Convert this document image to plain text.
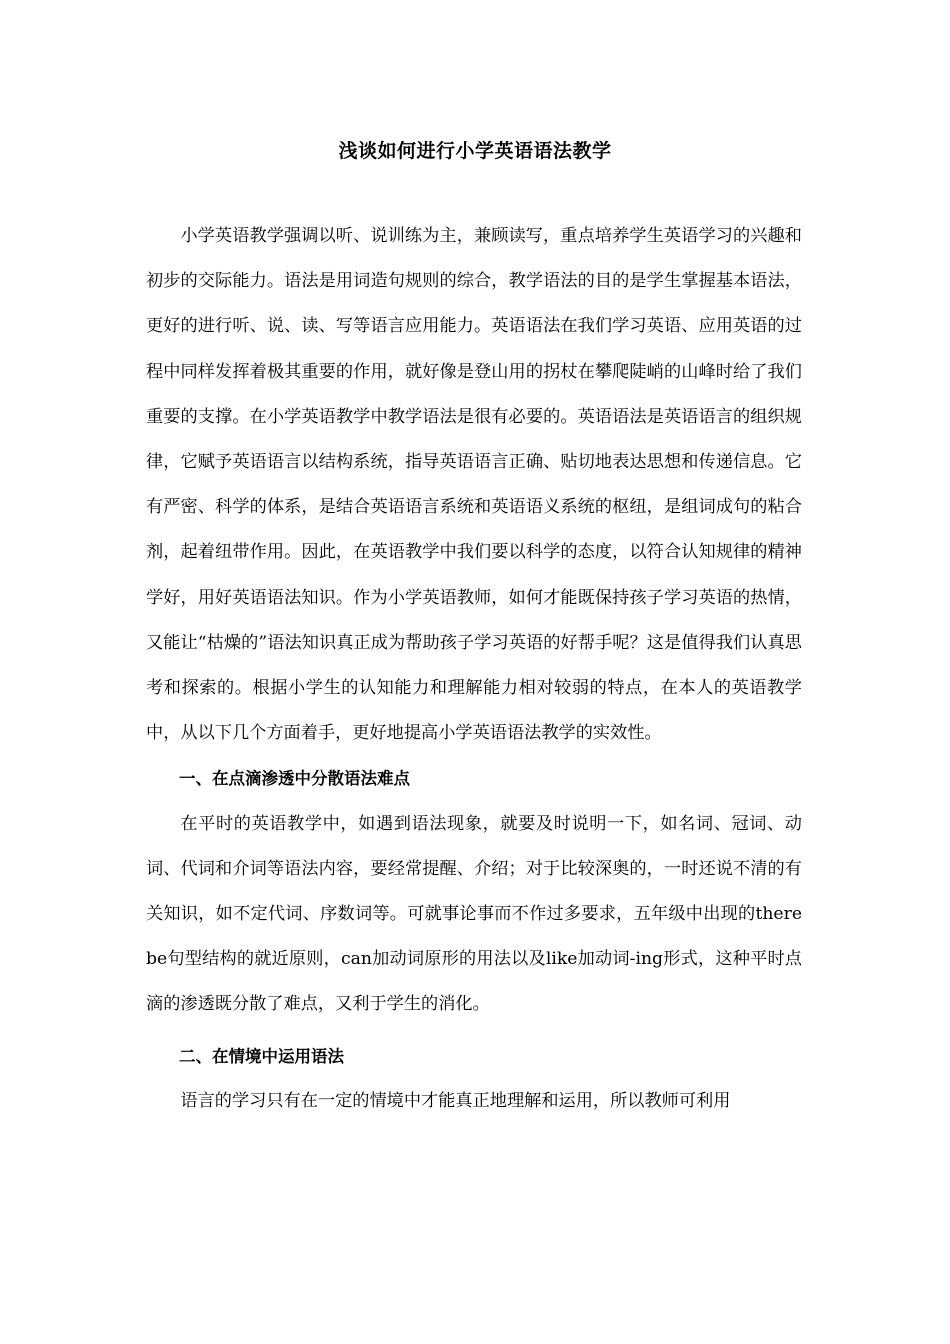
浅谈如何进行小学英语语法教学

小学英语教学强调以听、说训练为主，兼顾读写，重点培养学生英语学习的兴趣和初步的交际能力。语法是用词造句规则的综合，教学语法的目的是学生掌握基本语法，更好的进行听、说、读、写等语言应用能力。英语语法在我们学习英语、应用英语的过程中同样发挥着极其重要的作用，就好像是登山用的拐杖在攀爬陡峭的山峰时给了我们重要的支撑。在小学英语教学中教学语法是很有必要的。英语语法是英语语言的组织规律，它赋予英语语言以结构系统，指导英语语言正确、贴切地表达思想和传递信息。它有严密、科学的体系，是结合英语语言系统和英语语义系统的枢纽，是组词成句的粘合剂，起着纽带作用。因此，在英语教学中我们要以科学的态度，以符合认知规律的精神学好，用好英语语法知识。作为小学英语教师，如何才能既保持孩子学习英语的热情，又能让“枯燥的”语法知识真正成为帮助孩子学习英语的好帮手呢？这是值得我们认真思考和探索的。根据小学生的认知能力和理解能力相对较弱的特点，在本人的英语教学中，从以下几个方面着手，更好地提高小学英语语法教学的实效性。

一、在点滴渗透中分散语法难点

在平时的英语教学中，如遇到语法现象，就要及时说明一下，如名词、冠词、动词、代词和介词等语法内容，要经常提醒、介绍；对于比较深奥的，一时还说不清的有关知识，如不定代词、序数词等。可就事论事而不作过多要求，五年级中出现的there be句型结构的就近原则，can加动词原形的用法以及like加动词-ing形式，这种平时点滴的渗透既分散了难点，又利于学生的消化。

二、在情境中运用语法

语言的学习只有在一定的情境中才能真正地理解和运用，所以教师可利用
